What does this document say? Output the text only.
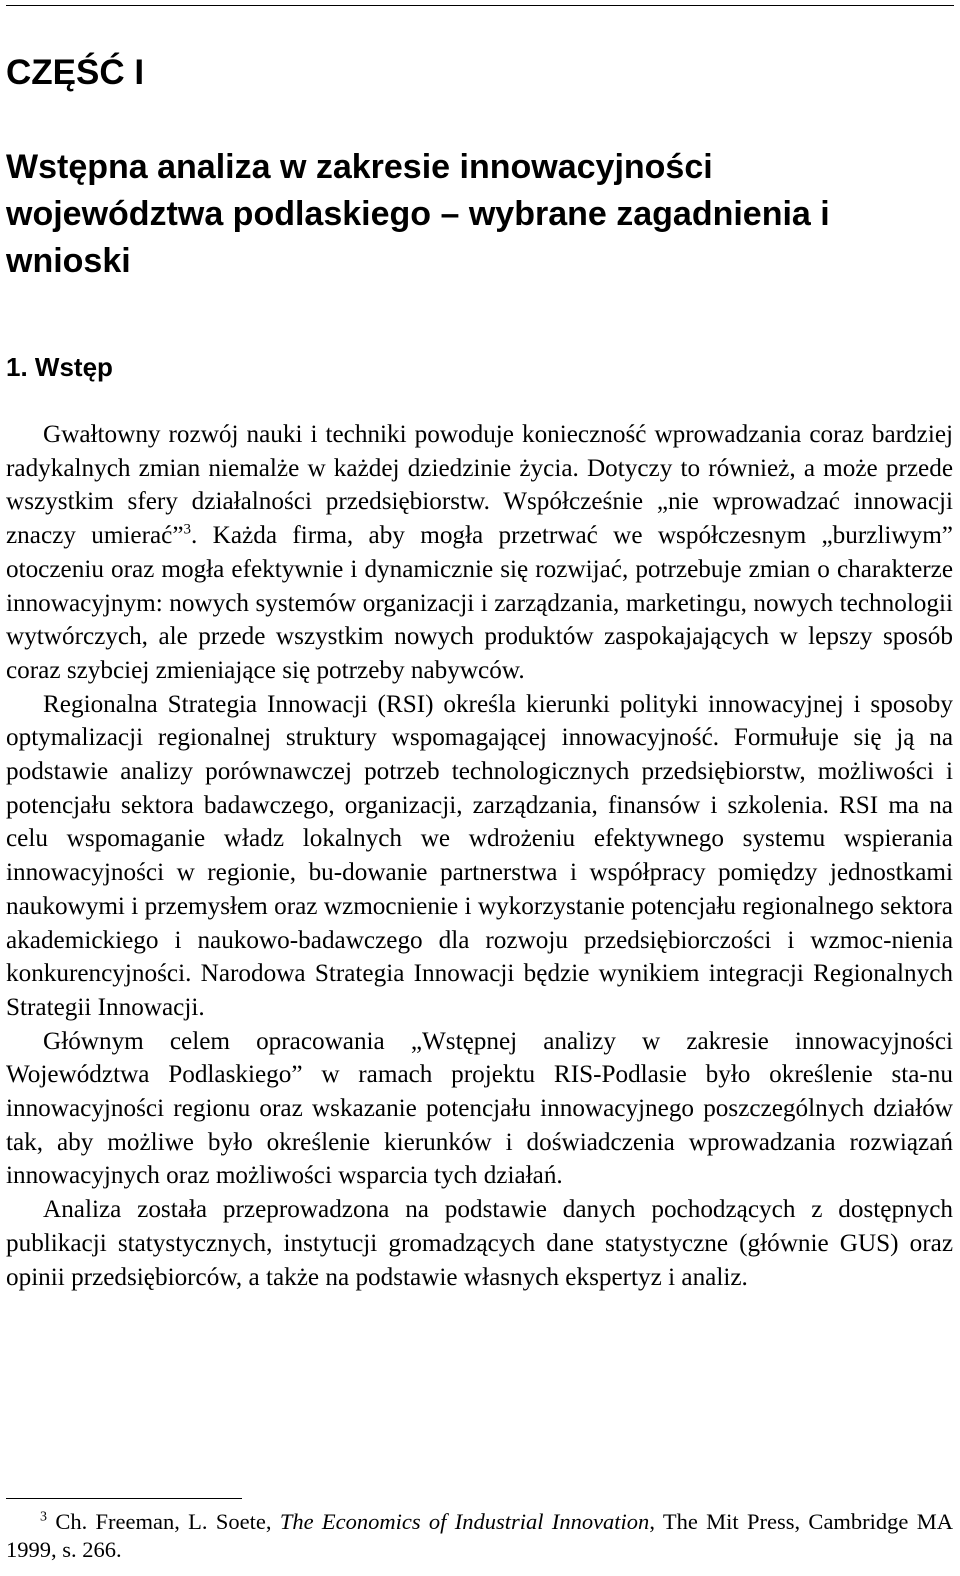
CZĘŚĆ I
Wstępna analiza w zakresie innowacyjności województwa podlaskiego – wybrane zagadnienia i wnioski
1. Wstęp

Gwałtowny rozwój nauki i techniki powoduje konieczność wprowadzania coraz bardziej radykalnych zmian niemalże w każdej dziedzinie życia. Dotyczy to również, a może przede wszystkim sfery działalności przedsiębiorstw. Współcześnie „nie wprowadzać innowacji znaczy umierać”$^3$. Każda firma, aby mogła przetrwać we współczesnym „burzliwym” otoczeniu oraz mogła efektywnie i dynamicznie się rozwijać, potrzebuje zmian o charakterze innowacyjnym: nowych systemów organizacji i zarządzania, marketingu, nowych technologii wytwórczych, ale przede wszystkim nowych produktów zaspokajających w lepszy sposób coraz szybciej zmieniające się potrzeby nabywców.

Regionalna Strategia Innowacji (RSI) określa kierunki polityki innowacyjnej i sposoby optymalizacji regionalnej struktury wspomagającej innowacyjność. Formułuje się ją na podstawie analizy porównawczej potrzeb technologicznych przedsiębiorstw, możliwości i potencjału sektora badawczego, organizacji, zarządzania, finansów i szkolenia. RSI ma na celu wspomaganie władz lokalnych we wdrożeniu efektywnego systemu wspierania innowacyjności w regionie, bu-dowanie partnerstwa i współpracy pomiędzy jednostkami naukowymi i przemysłem oraz wzmocnienie i wykorzystanie potencjału regionalnego sektora akademickiego i naukowo-badawczego dla rozwoju przedsiębiorczości i wzmoc-nienia konkurencyjności. Narodowa Strategia Innowacji będzie wynikiem integracji Regionalnych Strategii Innowacji.

Głównym celem opracowania „Wstępnej analizy w zakresie innowacyjności Województwa Podlaskiego” w ramach projektu RIS-Podlasie było określenie sta-nu innowacyjności regionu oraz wskazanie potencjału innowacyjnego poszczególnych działów tak, aby możliwe było określenie kierunków i doświadczenia wprowadzania rozwiązań innowacyjnych oraz możliwości wsparcia tych działań.

Analiza została przeprowadzona na podstawie danych pochodzących z dostępnych publikacji statystycznych, instytucji gromadzących dane statystyczne (głównie GUS) oraz opinii przedsiębiorców, a także na podstawie własnych ekspertyz i analiz.

$^3$ Ch. Freeman, L. Soete, The Economics of Industrial Innovation, The Mit Press, Cambridge MA 1999, s. 266.
